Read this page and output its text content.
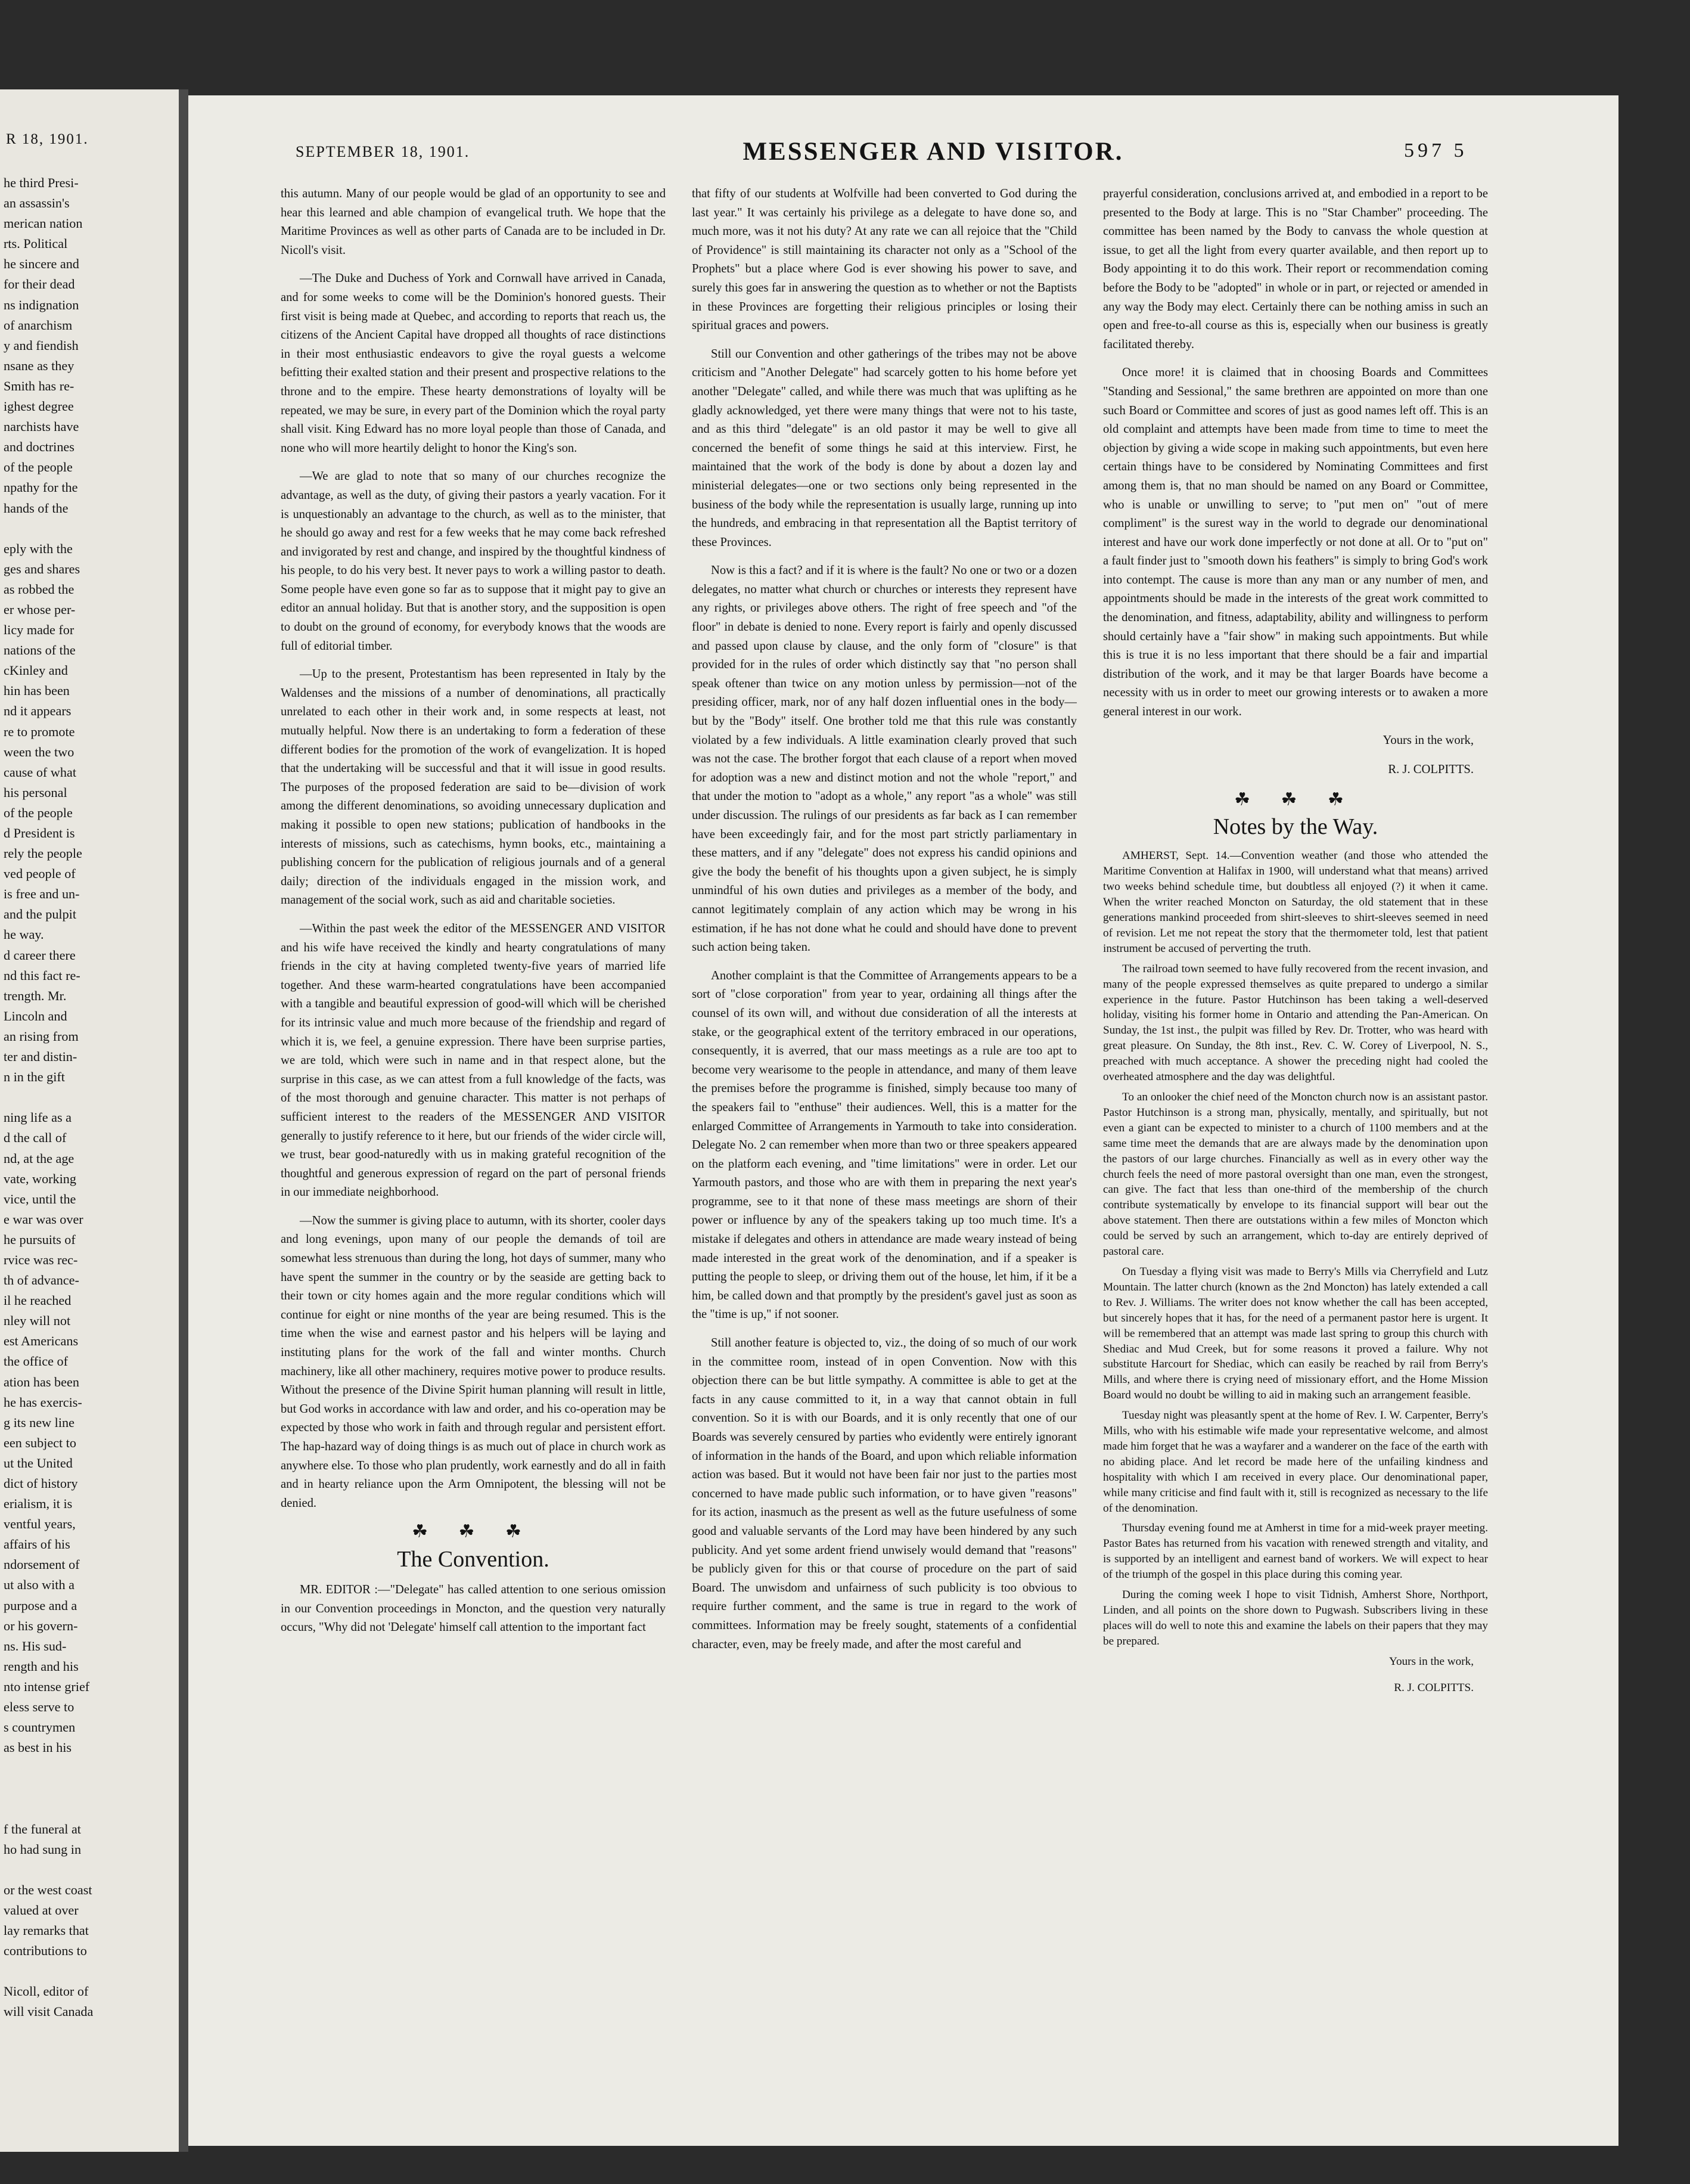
R 18, 1901.
he third Presi-
an assassin's
merican nation
rts. Political
he sincere and
for their dead
ns indignation
of anarchism
y and fiendish
nsane as they
Smith has re-
ighest degree
narchists have
and doctrines
of the people
npathy for the
hands of the

eply with the
ges and shares
as robbed the
er whose per-
licy made for
nations of the
cKinley and
hin has been
nd it appears
re to promote
ween the two
cause of what
his personal
of the people
d President is
rely the people
ved people of
is free and un-
and the pulpit
he way.
d career there
nd this fact re-
trength. Mr.
Lincoln and
an rising from
ter and distin-
n in the gift

ning life as a
d the call of
nd, at the age
vate, working
vice, until the
e war was over
he pursuits of
rvice was rec-
th of advance-
il he reached
nley will not
est Americans
the office of
ation has been
he has exercis-
g its new line
een subject to
ut the United
dict of history
erialism, it is
ventful years,
affairs of his
ndorsement of
ut also with a
purpose and a
or his govern-
ns. His sud-
rength and his
nto intense grief
eless serve to
s countrymen
as best in his

f the funeral at
ho had sung in

or the west coast
valued at over
lay remarks that
contributions to

Nicoll, editor of
will visit Canada
SEPTEMBER 18, 1901.	MESSENGER AND VISITOR.	597 5

this autumn. Many of our people would be glad of an opportunity to see and hear this learned and able champion of evangelical truth. We hope that the Maritime Provinces as well as other parts of Canada are to be included in Dr. Nicoll's visit.

—The Duke and Duchess of York and Cornwall have arrived in Canada, and for some weeks to come will be the Dominion's honored guests. Their first visit is being made at Quebec, and according to reports that reach us, the citizens of the Ancient Capital have dropped all thoughts of race distinctions in their most enthusiastic endeavors to give the royal guests a welcome befitting their exalted station and their present and prospective relations to the throne and to the empire. These hearty demonstrations of loyalty will be repeated, we may be sure, in every part of the Dominion which the royal party shall visit. King Edward has no more loyal people than those of Canada, and none who will more heartily delight to honor the King's son.

—We are glad to note that so many of our churches recognize the advantage, as well as the duty, of giving their pastors a yearly vacation. For it is unquestionably an advantage to the church, as well as to the minister, that he should go away and rest for a few weeks that he may come back refreshed and invigorated by rest and change, and inspired by the thoughtful kindness of his people, to do his very best. It never pays to work a willing pastor to death. Some people have even gone so far as to suppose that it might pay to give an editor an annual holiday. But that is another story, and the supposition is open to doubt on the ground of economy, for everybody knows that the woods are full of editorial timber.

—Up to the present, Protestantism has been represented in Italy by the Waldenses and the missions of a number of denominations, all practically unrelated to each other in their work and, in some respects at least, not mutually helpful. Now there is an undertaking to form a federation of these different bodies for the promotion of the work of evangelization. It is hoped that the undertaking will be successful and that it will issue in good results. The purposes of the proposed federation are said to be—division of work among the different denominations, so avoiding unnecessary duplication and making it possible to open new stations; publication of handbooks in the interests of missions, such as catechisms, hymn books, etc., maintaining a publishing concern for the publication of religious journals and of a general daily; direction of the individuals engaged in the mission work, and management of the social work, such as aid and charitable societies.

—Within the past week the editor of the MESSENGER AND VISITOR and his wife have received the kindly and hearty congratulations of many friends in the city at having completed twenty-five years of married life together. And these warm-hearted congratulations have been accompanied with a tangible and beautiful expression of good-will which will be cherished for its intrinsic value and much more because of the friendship and regard of which it is, we feel, a genuine expression. There have been surprise parties, we are told, which were such in name and in that respect alone, but the surprise in this case, as we can attest from a full knowledge of the facts, was of the most thorough and genuine character. This matter is not perhaps of sufficient interest to the readers of the MESSENGER AND VISITOR generally to justify reference to it here, but our friends of the wider circle will, we trust, bear good-naturedly with us in making grateful recognition of the thoughtful and generous expression of regard on the part of personal friends in our immediate neighborhood.

—Now the summer is giving place to autumn, with its shorter, cooler days and long evenings, upon many of our people the demands of toil are somewhat less strenuous than during the long, hot days of summer, many who have spent the summer in the country or by the seaside are getting back to their town or city homes again and the more regular conditions which will continue for eight or nine months of the year are being resumed. This is the time when the wise and earnest pastor and his helpers will be laying and instituting plans for the work of the fall and winter months. Church machinery, like all other machinery, requires motive power to produce results. Without the presence of the Divine Spirit human planning will result in little, but God works in accordance with law and order, and his co-operation may be expected by those who work in faith and through regular and persistent effort. The hap-hazard way of doing things is as much out of place in church work as anywhere else. To those who plan prudently, work earnestly and do all in faith and in hearty reliance upon the Arm Omnipotent, the blessing will not be denied.

☘ ☘ ☘
The Convention.

MR. EDITOR :—"Delegate" has called attention to one serious omission in our Convention proceedings in Moncton, and the question very naturally occurs, "Why did not 'Delegate' himself call attention to the important fact

that fifty of our students at Wolfville had been converted to God during the last year." It was certainly his privilege as a delegate to have done so, and much more, was it not his duty? At any rate we can all rejoice that the "Child of Providence" is still maintaining its character not only as a "School of the Prophets" but a place where God is ever showing his power to save, and surely this goes far in answering the question as to whether or not the Baptists in these Provinces are forgetting their religious principles or losing their spiritual graces and powers.

Still our Convention and other gatherings of the tribes may not be above criticism and "Another Delegate" had scarcely gotten to his home before yet another "Delegate" called, and while there was much that was uplifting as he gladly acknowledged, yet there were many things that were not to his taste, and as this third "delegate" is an old pastor it may be well to give all concerned the benefit of some things he said at this interview. First, he maintained that the work of the body is done by about a dozen lay and ministerial delegates—one or two sections only being represented in the business of the body while the representation is usually large, running up into the hundreds, and embracing in that representation all the Baptist territory of these Provinces.

Now is this a fact? and if it is where is the fault? No one or two or a dozen delegates, no matter what church or churches or interests they represent have any rights, or privileges above others. The right of free speech and "of the floor" in debate is denied to none. Every report is fairly and openly discussed and passed upon clause by clause, and the only form of "closure" is that provided for in the rules of order which distinctly say that "no person shall speak oftener than twice on any motion unless by permission—not of the presiding officer, mark, nor of any half dozen influential ones in the body—but by the "Body" itself. One brother told me that this rule was constantly violated by a few individuals. A little examination clearly proved that such was not the case. The brother forgot that each clause of a report when moved for adoption was a new and distinct motion and not the whole "report," and that under the motion to "adopt as a whole," any report "as a whole" was still under discussion. The rulings of our presidents as far back as I can remember have been exceedingly fair, and for the most part strictly parliamentary in these matters, and if any "delegate" does not express his candid opinions and give the body the benefit of his thoughts upon a given subject, he is simply unmindful of his own duties and privileges as a member of the body, and cannot legitimately complain of any action which may be wrong in his estimation, if he has not done what he could and should have done to prevent such action being taken.

Another complaint is that the Committee of Arrangements appears to be a sort of "close corporation" from year to year, ordaining all things after the counsel of its own will, and without due consideration of all the interests at stake, or the geographical extent of the territory embraced in our operations, consequently, it is averred, that our mass meetings as a rule are too apt to become very wearisome to the people in attendance, and many of them leave the premises before the programme is finished, simply because too many of the speakers fail to "enthuse" their audiences. Well, this is a matter for the enlarged Committee of Arrangements in Yarmouth to take into consideration. Delegate No. 2 can remember when more than two or three speakers appeared on the platform each evening, and "time limitations" were in order. Let our Yarmouth pastors, and those who are with them in preparing the next year's programme, see to it that none of these mass meetings are shorn of their power or influence by any of the speakers taking up too much time. It's a mistake if delegates and others in attendance are made weary instead of being made interested in the great work of the denomination, and if a speaker is putting the people to sleep, or driving them out of the house, let him, if it be a him, be called down and that promptly by the president's gavel just as soon as the "time is up," if not sooner.

Still another feature is objected to, viz., the doing of so much of our work in the committee room, instead of in open Convention. Now with this objection there can be but little sympathy. A committee is able to get at the facts in any cause committed to it, in a way that cannot obtain in full convention. So it is with our Boards, and it is only recently that one of our Boards was severely censured by parties who evidently were entirely ignorant of information in the hands of the Board, and upon which reliable information action was based. But it would not have been fair nor just to the parties most concerned to have made public such information, or to have given "reasons" for its action, inasmuch as the present as well as the future usefulness of some good and valuable servants of the Lord may have been hindered by any such publicity. And yet some ardent friend unwisely would demand that "reasons" be publicly given for this or that course of procedure on the part of said Board. The unwisdom and unfairness of such publicity is too obvious to require further comment, and the same is true in regard to the work of committees. Information may be freely sought, statements of a confidential character, even, may be freely made, and after the most careful and

prayerful consideration, conclusions arrived at, and embodied in a report to be presented to the Body at large. This is no "Star Chamber" proceeding. The committee has been named by the Body to canvass the whole question at issue, to get all the light from every quarter available, and then report up to Body appointing it to do this work. Their report or recommendation coming before the Body to be "adopted" in whole or in part, or rejected or amended in any way the Body may elect. Certainly there can be nothing amiss in such an open and free-to-all course as this is, especially when our business is greatly facilitated thereby.

Once more! it is claimed that in choosing Boards and Committees "Standing and Sessional," the same brethren are appointed on more than one such Board or Committee and scores of just as good names left off. This is an old complaint and attempts have been made from time to time to meet the objection by giving a wide scope in making such appointments, but even here certain things have to be considered by Nominating Committees and first among them is, that no man should be named on any Board or Committee, who is unable or unwilling to serve; to "put men on" "out of mere compliment" is the surest way in the world to degrade our denominational interest and have our work done imperfectly or not done at all. Or to "put on" a fault finder just to "smooth down his feathers" is simply to bring God's work into contempt. The cause is more than any man or any number of men, and appointments should be made in the interests of the great work committed to the denomination, and fitness, adaptability, ability and willingness to perform should certainly have a "fair show" in making such appointments. But while this is true it is no less important that there should be a fair and impartial distribution of the work, and it may be that larger Boards have become a necessity with us in order to meet our growing interests or to awaken a more general interest in our work.

Yours in the work,
R. J. COLPITTS.
☘ ☘ ☘
Notes by the Way.

AMHERST, Sept. 14.—Convention weather (and those who attended the Maritime Convention at Halifax in 1900, will understand what that means) arrived two weeks behind schedule time, but doubtless all enjoyed (?) it when it came. When the writer reached Moncton on Saturday, the old statement that in these generations mankind proceeded from shirt-sleeves to shirt-sleeves seemed in need of revision. Let me not repeat the story that the thermometer told, lest that patient instrument be accused of perverting the truth.

The railroad town seemed to have fully recovered from the recent invasion, and many of the people expressed themselves as quite prepared to undergo a similar experience in the future. Pastor Hutchinson has been taking a well-deserved holiday, visiting his former home in Ontario and attending the Pan-American. On Sunday, the 1st inst., the pulpit was filled by Rev. Dr. Trotter, who was heard with great pleasure. On Sunday, the 8th inst., Rev. C. W. Corey of Liverpool, N. S., preached with much acceptance. A shower the preceding night had cooled the overheated atmosphere and the day was delightful.

To an onlooker the chief need of the Moncton church now is an assistant pastor. Pastor Hutchinson is a strong man, physically, mentally, and spiritually, but not even a giant can be expected to minister to a church of 1100 members and at the same time meet the demands that are are always made by the denomination upon the pastors of our large churches. Financially as well as in every other way the church feels the need of more pastoral oversight than one man, even the strongest, can give. The fact that less than one-third of the membership of the church contribute systematically by envelope to its financial support will bear out the above statement. Then there are outstations within a few miles of Moncton which could be served by such an arrangement, which to-day are entirely deprived of pastoral care.

On Tuesday a flying visit was made to Berry's Mills via Cherryfield and Lutz Mountain. The latter church (known as the 2nd Moncton) has lately extended a call to Rev. J. Williams. The writer does not know whether the call has been accepted, but sincerely hopes that it has, for the need of a permanent pastor here is urgent. It will be remembered that an attempt was made last spring to group this church with Shediac and Mud Creek, but for some reasons it proved a failure. Why not substitute Harcourt for Shediac, which can easily be reached by rail from Berry's Mills, and where there is crying need of missionary effort, and the Home Mission Board would no doubt be willing to aid in making such an arrangement feasible.

Tuesday night was pleasantly spent at the home of Rev. I. W. Carpenter, Berry's Mills, who with his estimable wife made your representative welcome, and almost made him forget that he was a wayfarer and a wanderer on the face of the earth with no abiding place. And let record be made here of the unfailing kindness and hospitality with which I am received in every place. Our denominational paper, while many criticise and find fault with it, still is recognized as necessary to the life of the denomination.

Thursday evening found me at Amherst in time for a mid-week prayer meeting. Pastor Bates has returned from his vacation with renewed strength and vitality, and is supported by an intelligent and earnest band of workers. We will expect to hear of the triumph of the gospel in this place during this coming year.

During the coming week I hope to visit Tidnish, Amherst Shore, Northport, Linden, and all points on the shore down to Pugwash. Subscribers living in these places will do well to note this and examine the labels on their papers that they may be prepared.

Yours in the work,
R. J. COLPITTS.
